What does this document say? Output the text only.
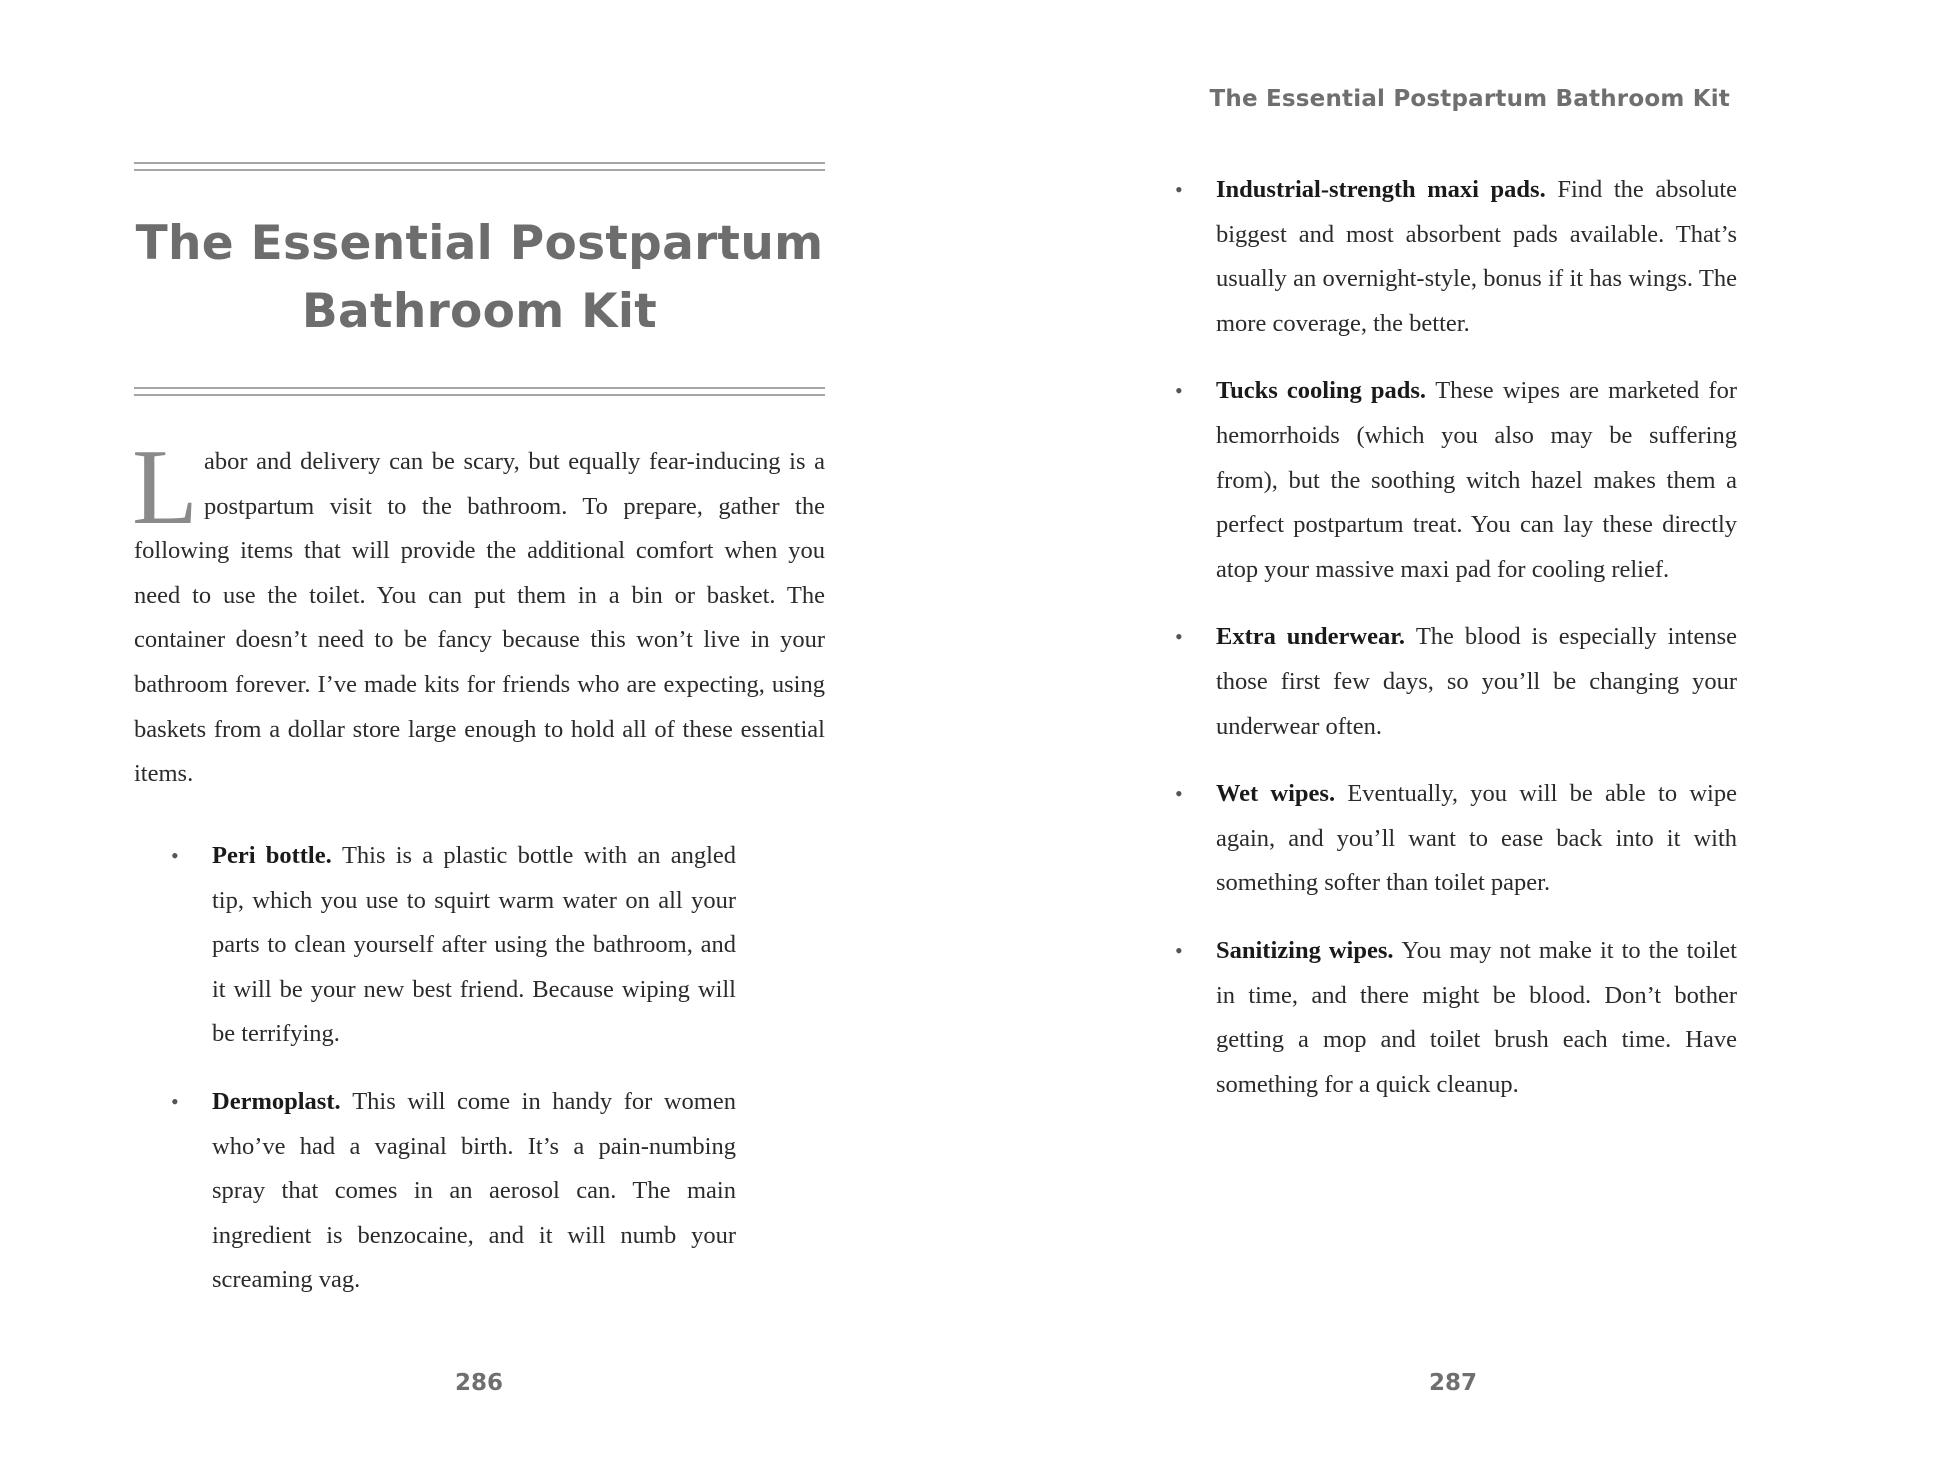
The Essential Postpartum Bathroom Kit

Labor and delivery can be scary, but equally fear-inducing is a postpartum visit to the bathroom. To prepare, gather the following items that will provide the additional comfort when you need to use the toilet. You can put them in a bin or basket. The container doesn’t need to be fancy because this won’t live in your bathroom forever. I’ve made kits for friends who are expecting, using baskets from a dollar store large enough to hold all of these essential items.

• Peri bottle. This is a plastic bottle with an angled tip, which you use to squirt warm water on all your parts to clean yourself after using the bathroom, and it will be your new best friend. Because wiping will be terrifying.
• Dermoplast. This will come in handy for women who’ve had a vaginal birth. It’s a pain-numbing spray that comes in an aerosol can. The main ingredient is benzocaine, and it will numb your screaming vag.
286
The Essential Postpartum Bathroom Kit
• Industrial-strength maxi pads. Find the absolute biggest and most absorbent pads available. That’s usually an overnight-style, bonus if it has wings. The more coverage, the better.
• Tucks cooling pads. These wipes are marketed for hemorrhoids (which you also may be suffering from), but the soothing witch hazel makes them a perfect postpartum treat. You can lay these directly atop your massive maxi pad for cooling relief.
• Extra underwear. The blood is especially intense those first few days, so you’ll be changing your underwear often.
• Wet wipes. Eventually, you will be able to wipe again, and you’ll want to ease back into it with something softer than toilet paper.
• Sanitizing wipes. You may not make it to the toilet in time, and there might be blood. Don’t bother getting a mop and toilet brush each time. Have something for a quick cleanup.
287
